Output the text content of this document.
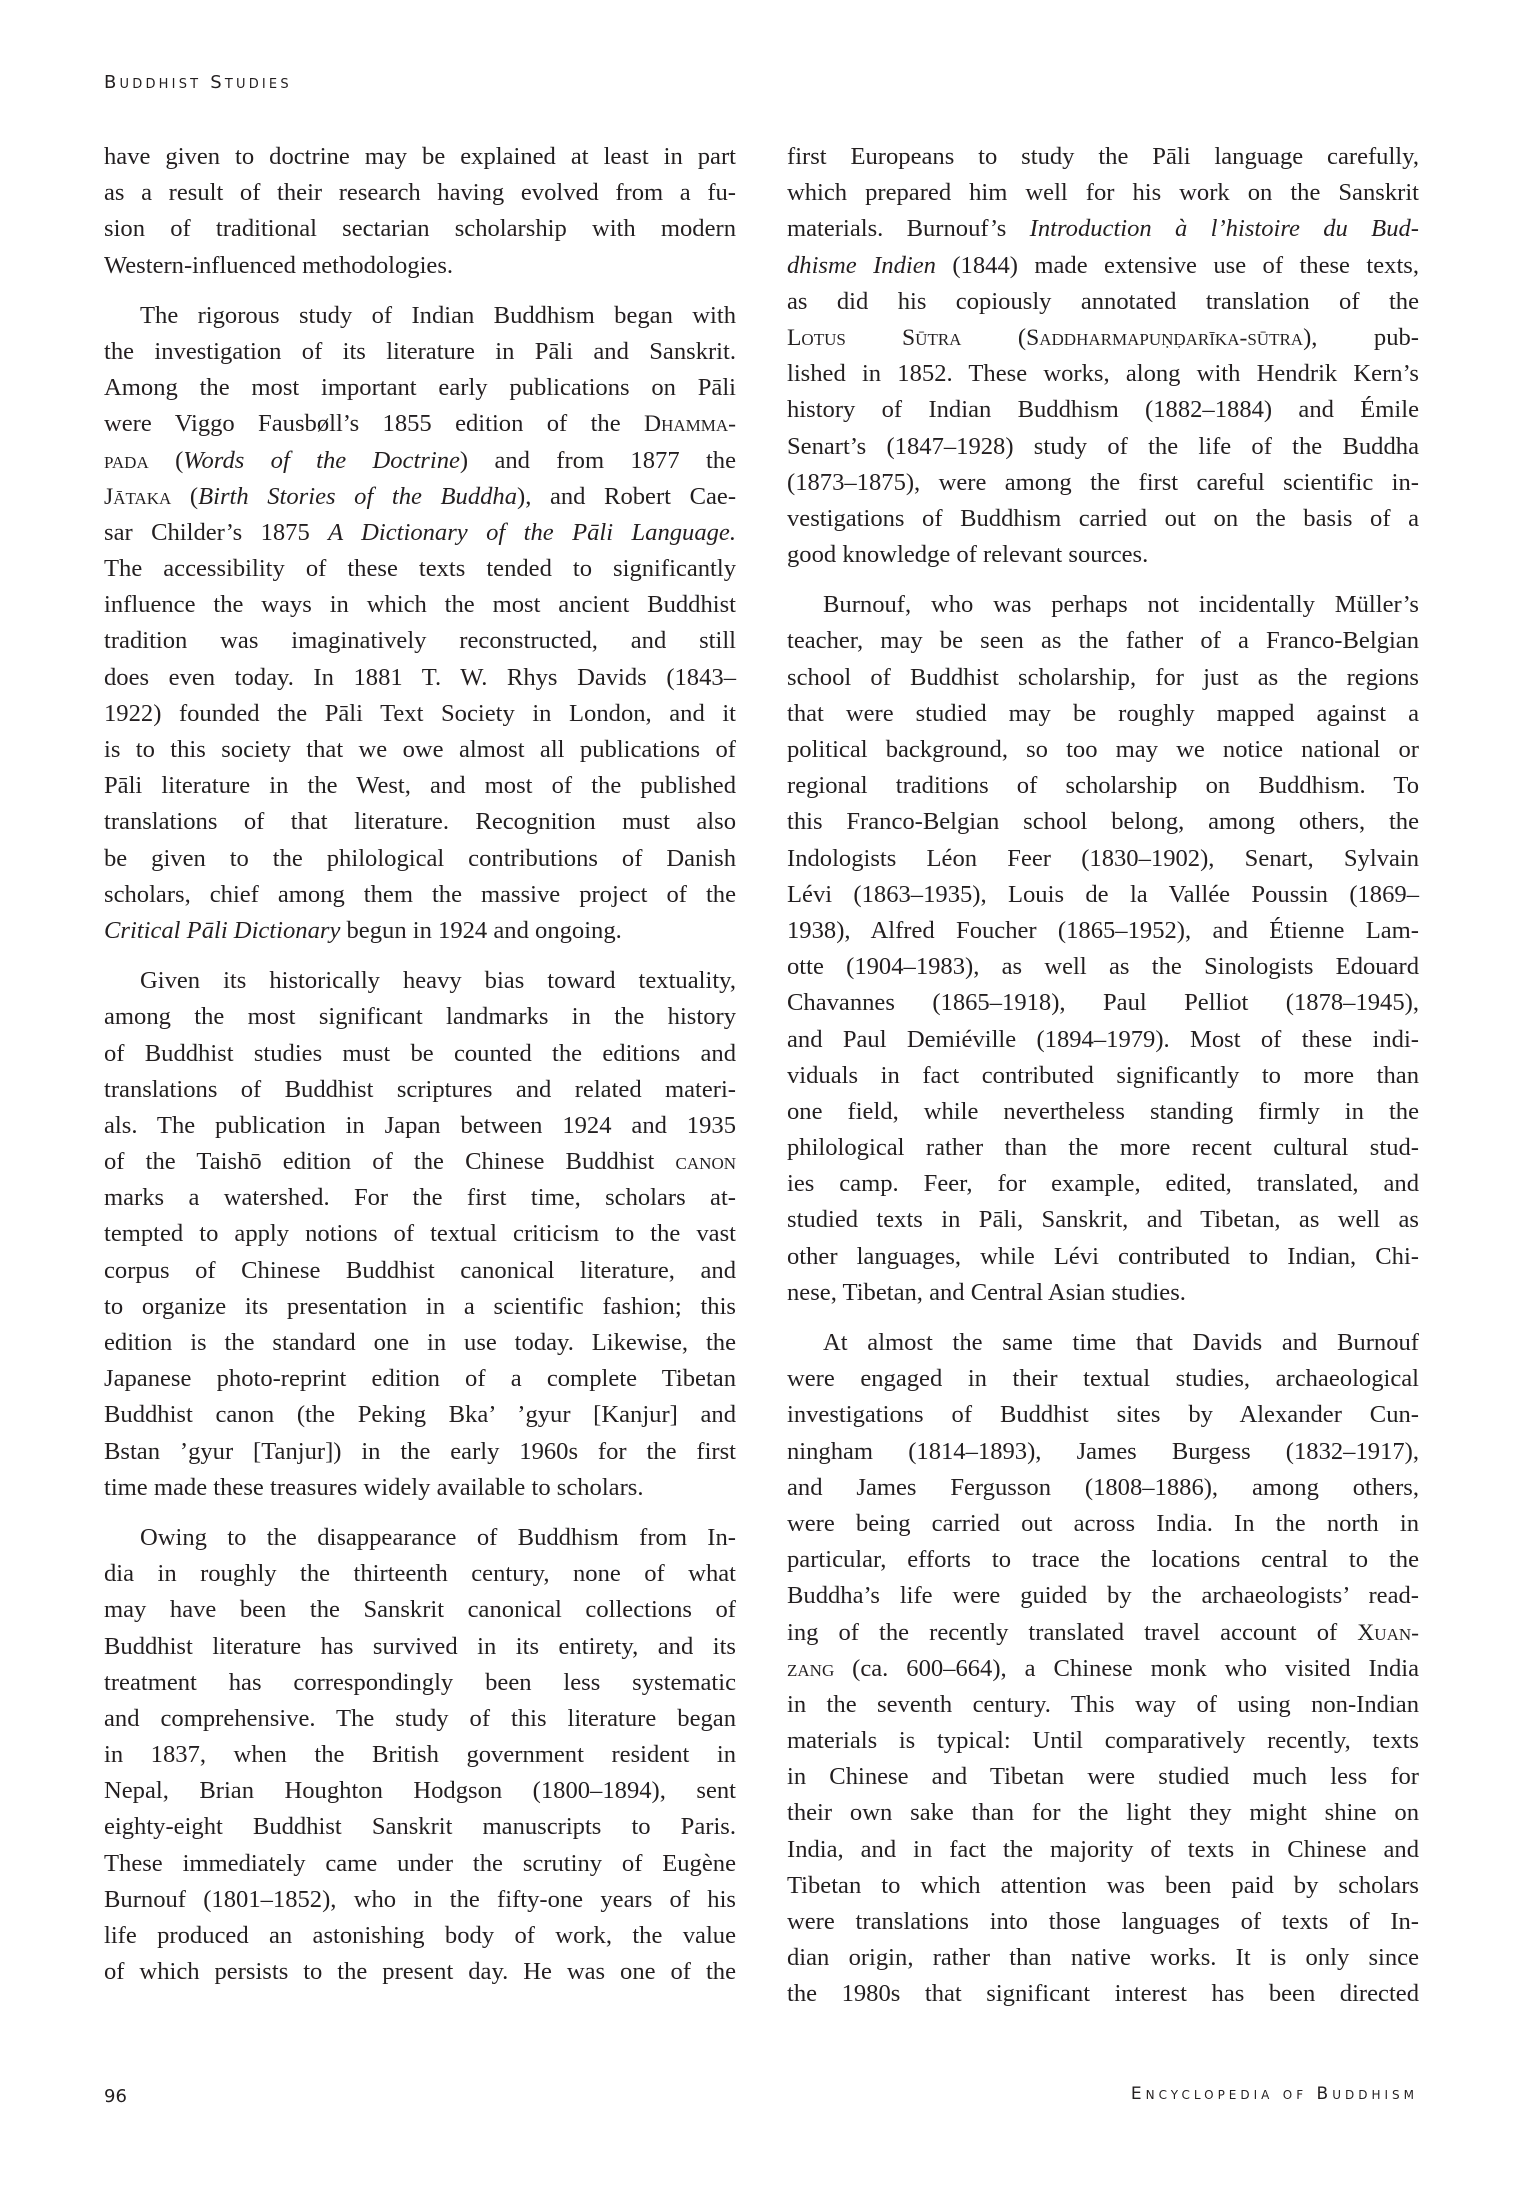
Buddhist Studies
have given to doctrine may be explained at least in part
as a result of their research having evolved from a fu-
sion of traditional sectarian scholarship with modern
Western-influenced methodologies.
The rigorous study of Indian Buddhism began with
the investigation of its literature in Pāli and Sanskrit.
Among the most important early publications on Pāli
were Viggo Fausbøll’s 1855 edition of the Dhamma-
pada (Words of the Doctrine) and from 1877 the
Jātaka (Birth Stories of the Buddha), and Robert Cae-
sar Childer’s 1875 A Dictionary of the Pāli Language.
The accessibility of these texts tended to significantly
influence the ways in which the most ancient Buddhist
tradition was imaginatively reconstructed, and still
does even today. In 1881 T. W. Rhys Davids (1843–
1922) founded the Pāli Text Society in London, and it
is to this society that we owe almost all publications of
Pāli literature in the West, and most of the published
translations of that literature. Recognition must also
be given to the philological contributions of Danish
scholars, chief among them the massive project of the
Critical Pāli Dictionary begun in 1924 and ongoing.
Given its historically heavy bias toward textuality,
among the most significant landmarks in the history
of Buddhist studies must be counted the editions and
translations of Buddhist scriptures and related materi-
als. The publication in Japan between 1924 and 1935
of the Taishō edition of the Chinese Buddhist canon
marks a watershed. For the first time, scholars at-
tempted to apply notions of textual criticism to the vast
corpus of Chinese Buddhist canonical literature, and
to organize its presentation in a scientific fashion; this
edition is the standard one in use today. Likewise, the
Japanese photo-reprint edition of a complete Tibetan
Buddhist canon (the Peking Bka’ ’gyur [Kanjur] and
Bstan ’gyur [Tanjur]) in the early 1960s for the first
time made these treasures widely available to scholars.
Owing to the disappearance of Buddhism from In-
dia in roughly the thirteenth century, none of what
may have been the Sanskrit canonical collections of
Buddhist literature has survived in its entirety, and its
treatment has correspondingly been less systematic
and comprehensive. The study of this literature began
in 1837, when the British government resident in
Nepal, Brian Houghton Hodgson (1800–1894), sent
eighty-eight Buddhist Sanskrit manuscripts to Paris.
These immediately came under the scrutiny of Eugène
Burnouf (1801–1852), who in the fifty-one years of his
life produced an astonishing body of work, the value
of which persists to the present day. He was one of the
first Europeans to study the Pāli language carefully,
which prepared him well for his work on the Sanskrit
materials. Burnouf’s Introduction à l’histoire du Bud-
dhisme Indien (1844) made extensive use of these texts,
as did his copiously annotated translation of the
Lotus Sūtra (Saddharmapuṇḍarīka-sūtra), pub-
lished in 1852. These works, along with Hendrik Kern’s
history of Indian Buddhism (1882–1884) and Émile
Senart’s (1847–1928) study of the life of the Buddha
(1873–1875), were among the first careful scientific in-
vestigations of Buddhism carried out on the basis of a
good knowledge of relevant sources.
Burnouf, who was perhaps not incidentally Müller’s
teacher, may be seen as the father of a Franco-Belgian
school of Buddhist scholarship, for just as the regions
that were studied may be roughly mapped against a
political background, so too may we notice national or
regional traditions of scholarship on Buddhism. To
this Franco-Belgian school belong, among others, the
Indologists Léon Feer (1830–1902), Senart, Sylvain
Lévi (1863–1935), Louis de la Vallée Poussin (1869–
1938), Alfred Foucher (1865–1952), and Étienne Lam-
otte (1904–1983), as well as the Sinologists Edouard
Chavannes (1865–1918), Paul Pelliot (1878–1945),
and Paul Demiéville (1894–1979). Most of these indi-
viduals in fact contributed significantly to more than
one field, while nevertheless standing firmly in the
philological rather than the more recent cultural stud-
ies camp. Feer, for example, edited, translated, and
studied texts in Pāli, Sanskrit, and Tibetan, as well as
other languages, while Lévi contributed to Indian, Chi-
nese, Tibetan, and Central Asian studies.
At almost the same time that Davids and Burnouf
were engaged in their textual studies, archaeological
investigations of Buddhist sites by Alexander Cun-
ningham (1814–1893), James Burgess (1832–1917),
and James Fergusson (1808–1886), among others,
were being carried out across India. In the north in
particular, efforts to trace the locations central to the
Buddha’s life were guided by the archaeologists’ read-
ing of the recently translated travel account of Xuan-
zang (ca. 600–664), a Chinese monk who visited India
in the seventh century. This way of using non-Indian
materials is typical: Until comparatively recently, texts
in Chinese and Tibetan were studied much less for
their own sake than for the light they might shine on
India, and in fact the majority of texts in Chinese and
Tibetan to which attention was been paid by scholars
were translations into those languages of texts of In-
dian origin, rather than native works. It is only since
the 1980s that significant interest has been directed
96	Encyclopedia of Buddhism
